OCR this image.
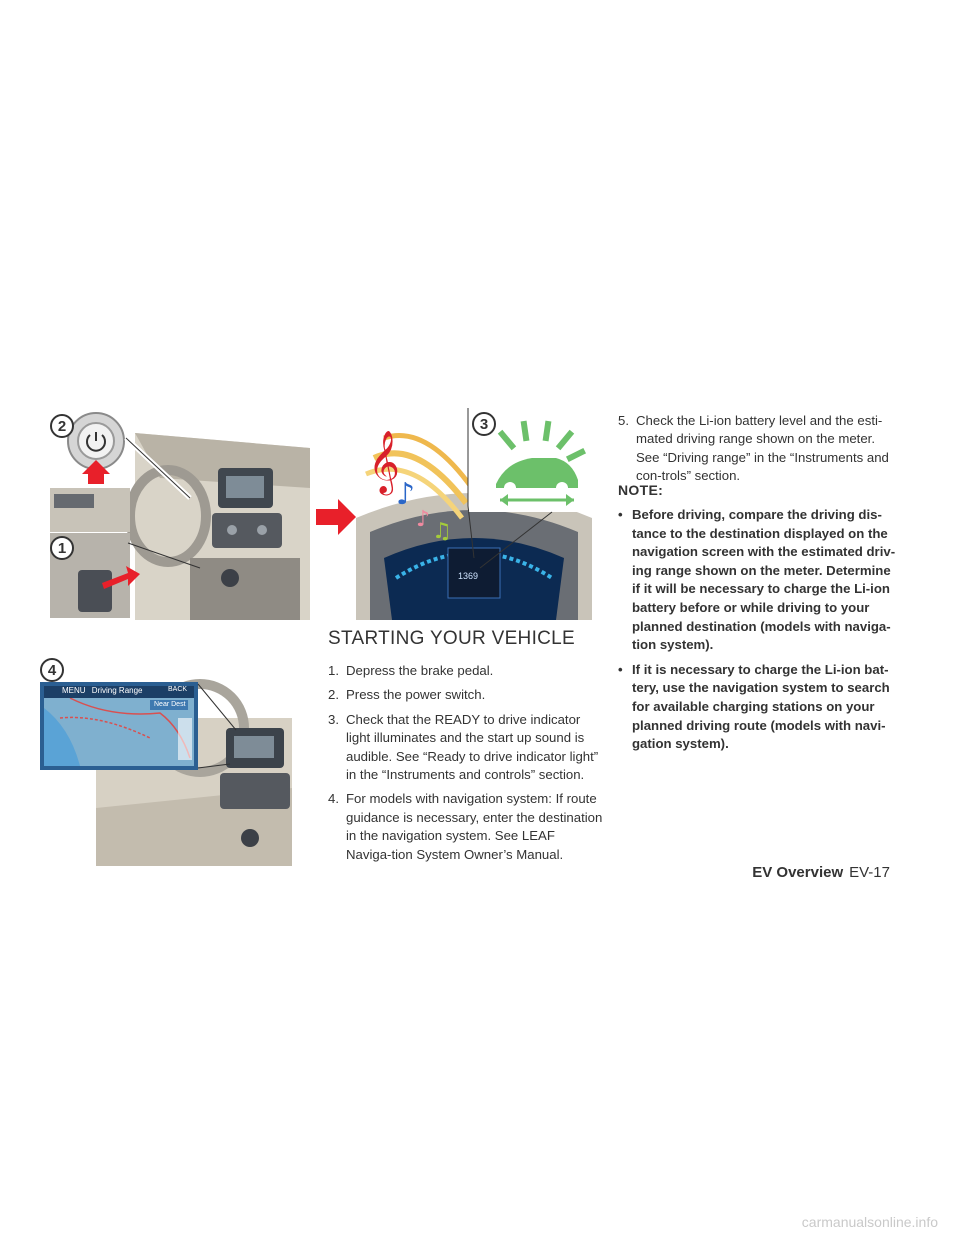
2
1
𝄞
♪
♪ ♫
3
1369
4
MENU Driving Range	BACK
Near Dest
STARTING YOUR VEHICLE
1. Depress the brake pedal.
2. Press the power switch.
3. Check that the READY to drive indicator light illuminates and the start up sound is audible. See “Ready to drive indicator light” in the “Instruments and controls” section.
4. For models with navigation system: If route guidance is necessary, enter the destination in the navigation system. See LEAF Naviga-tion System Owner’s Manual.
5. Check the Li-ion battery level and the esti-mated driving range shown on the meter. See “Driving range” in the “Instruments and con-trols” section.
NOTE:
• Before driving, compare the driving dis-tance to the destination displayed on the navigation screen with the estimated driv-ing range shown on the meter. Determine if it will be necessary to charge the Li-ion battery before or while driving to your planned destination (models with naviga-tion system).
• If it is necessary to charge the Li-ion bat-tery, use the navigation system to search for available charging stations on your planned driving route (models with navi-gation system).
EV Overview EV-17
carmanualsonline.info
